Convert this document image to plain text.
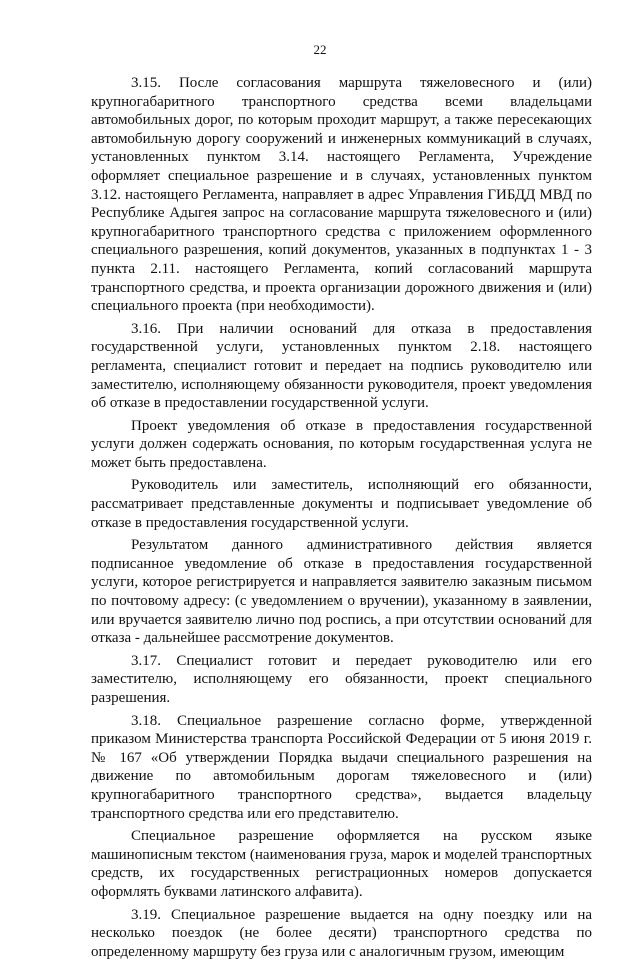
22

3.15. После согласования маршрута тяжеловесного и (или) крупногабаритного транспортного средства всеми владельцами автомобильных дорог, по которым проходит маршрут, а также пересекающих автомобильную дорогу сооружений и инженерных коммуникаций в случаях, установленных пунктом 3.14. настоящего Регламента, Учреждение оформляет специальное разрешение и в случаях, установленных пунктом 3.12. настоящего Регламента, направляет в адрес Управления ГИБДД МВД по Республике Адыгея запрос на согласование маршрута тяжеловесного и (или) крупногабаритного транспортного средства с приложением оформленного специального разрешения, копий документов, указанных в подпунктах 1 - 3 пункта 2.11. настоящего Регламента, копий согласований маршрута транспортного средства, и проекта организации дорожного движения и (или) специального проекта (при необходимости).

3.16. При наличии оснований для отказа в предоставления государственной услуги, установленных пунктом 2.18. настоящего регламента, специалист готовит и передает на подпись руководителю или заместителю, исполняющему обязанности руководителя, проект уведомления об отказе в предоставлении государственной услуги.

Проект уведомления об отказе в предоставления государственной услуги должен содержать основания, по которым государственная услуга не может быть предоставлена.

Руководитель или заместитель, исполняющий его обязанности, рассматривает представленные документы и подписывает уведомление об отказе в предоставления государственной услуги.

Результатом данного административного действия является подписанное уведомление об отказе в предоставления государственной услуги, которое регистрируется и направляется заявителю заказным письмом по почтовому адресу: (с уведомлением о вручении), указанному в заявлении, или вручается заявителю лично под роспись, а при отсутствии оснований для отказа - дальнейшее рассмотрение документов.

3.17. Специалист готовит и передает руководителю или его заместителю, исполняющему его обязанности, проект специального разрешения.

3.18. Специальное разрешение согласно форме, утвержденной приказом Министерства транспорта Российской Федерации от 5 июня 2019 г. № 167 «Об утверждении Порядка выдачи специального разрешения на движение по автомобильным дорогам тяжеловесного и (или) крупногабаритного транспортного средства», выдается владельцу транспортного средства или его представителю.

Специальное разрешение оформляется на русском языке машинописным текстом (наименования груза, марок и моделей транспортных средств, их государственных регистрационных номеров допускается оформлять буквами латинского алфавита).

3.19. Специальное разрешение выдается на одну поездку или на несколько поездок (не более десяти) транспортного средства по определенному маршруту без груза или с аналогичным грузом, имеющим
